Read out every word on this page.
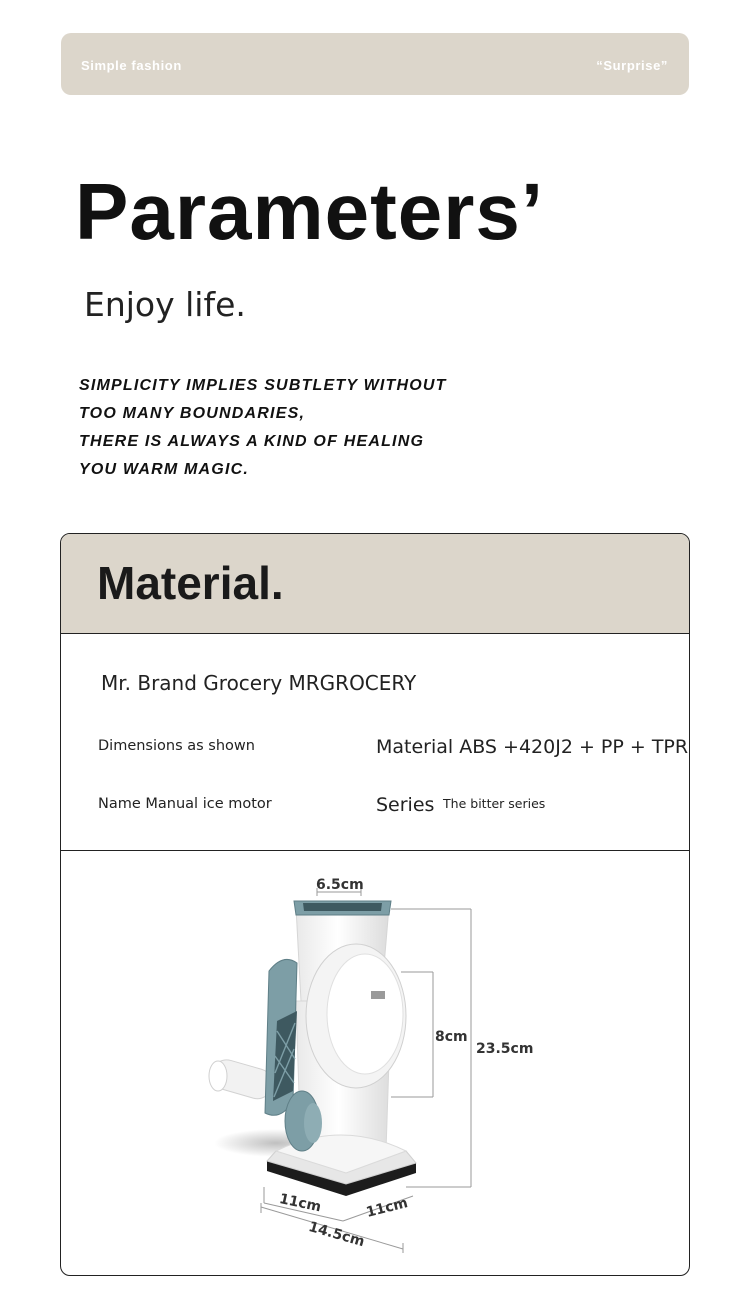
Simple fashion	“Surprise”
Parameters’
Enjoy life.
SIMPLICITY IMPLIES SUBTLETY WITHOUT
TOO MANY BOUNDARIES,
THERE IS ALWAYS A KIND OF HEALING
YOU WARM MAGIC.
Material.
Mr. Brand Grocery MRGROCERY
Dimensions as shown	Material ABS +420J2 + PP + TPR
Name Manual ice motor	Series The bitter series
6.5cm
8cm
23.5cm
11cm	11cm
14.5cm
